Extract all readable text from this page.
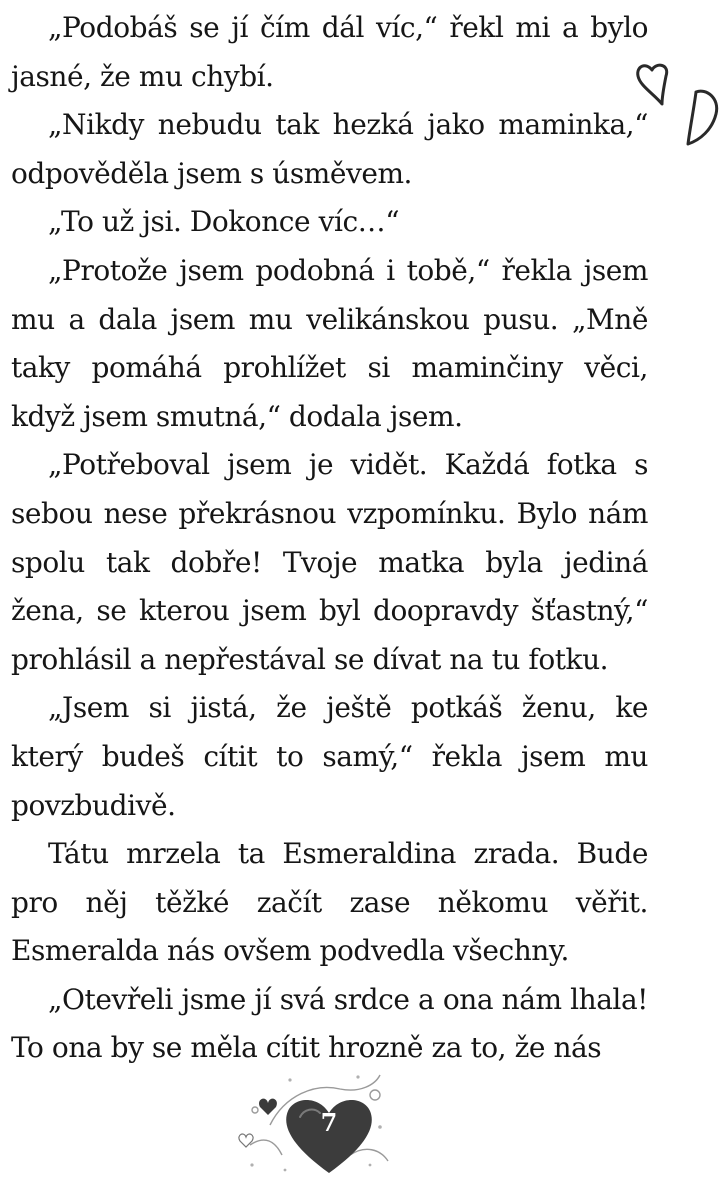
„Podobáš se jí čím dál víc,“ řekl mi a bylo jasné, že mu chybí.

„Nikdy nebudu tak hezká jako maminka,“ odpověděla jsem s úsměvem.

„To už jsi. Dokonce víc…“

„Protože jsem podobná i tobě,“ řekla jsem mu a dala jsem mu velikánskou pusu. „Mně taky pomáhá prohlížet si maminčiny věci, když jsem smutná,“ dodala jsem.

„Potřeboval jsem je vidět. Každá fotka s sebou nese překrásnou vzpomínku. Bylo nám spolu tak dobře! Tvoje matka byla jediná žena, se kterou jsem byl doopravdy šťastný,“ prohlásil a nepřestával se dívat na tu fotku.

„Jsem si jistá, že ještě potkáš ženu, ke který budeš cítit to samý,“ řekla jsem mu povzbudivě.

Tátu mrzela ta Esmeraldina zrada. Bude pro něj těžké začít zase někomu věřit. Esmeralda nás ovšem podvedla všechny.

„Otevřeli jsme jí svá srdce a ona nám lhala! To ona by se měla cítit hrozně za to, že nás

7
